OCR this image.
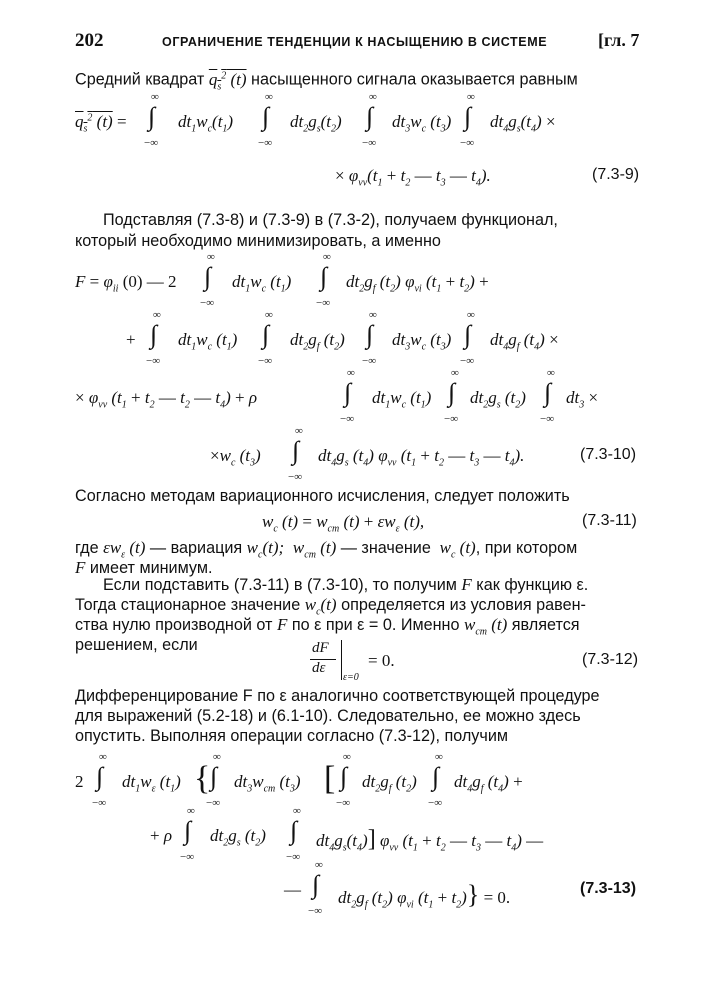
202	ОГРАНИЧЕНИЕ ТЕНДЕНЦИИ К НАСЫЩЕНИЮ В СИСТЕМЕ	[гл. 7
Средний квадрат $q_s^2$ (t) насыщенного сигнала оказывается равным
$q_s^2$ (t) = ∫
∞
−∞
$dt_1w_c(t_1)$ ∫
∞
−∞
$dt_2g_s(t_2)$ ∫
∞
−∞
$dt_3w_c$ $(t_3)$ ∫
∞
−∞
$dt_4g_s(t_4)$ ×
× $\varphi_{vv}(t_1 + t_2$ — $t_3$ — $t_4$).	(7.3-9)
Подставляя (7.3-8) и (7.3-9) в (7.3-2), получаем функционал,
который необходимо минимизировать, а именно
$F = \varphi_{ii}$ (0) — 2 ∫
∞
−∞
$dt_1w_c$ $(t_1)$ ∫
∞
−∞
$dt_2g_f$ $(t_2)$ $\varphi_{vi}$ $(t_1 + t_2)$ +
+ ∫
∞
−∞
$dt_1w_c$ $(t_1)$ ∫
∞
−∞
$dt_2g_f$ $(t_2)$ ∫
∞
−∞
$dt_3w_c$ $(t_3)$ ∫
∞
−∞
$dt_4g_f$ $(t_4)$ ×
× $\varphi_{vv}$ ($t_1 + t_2$ — $t_2$ — $t_4) + \rho$	∫
∞
−∞
$dt_1w_c$ $(t_1)$ ∫
∞
−∞
$dt_2g_s$ $(t_2)$ ∫
∞
−∞
$dt_3$ ×
$\times w_c$ $(t_3)$ ∫
∞
−∞
$dt_4g_s$ $(t_4)$ $\varphi_{vv}$ ($t_1 + t_2$ — $t_3$ — $t_4$).	(7.3-10)
Согласно методам вариационного исчисления, следует положить
$w_c$ $(t) = w_{cm}$ $(t) + \varepsilon w_\varepsilon$ (t),	(7.3-11)
где $\varepsilon w_\varepsilon$ (t) — вариация $w_c(t)$;  $w_{cm}$ (t) — значение  $w_c$ (t), при котором
F имеет минимум.
Если подставить (7.3-11) в (7.3-10), то получим F как функцию ε.
Тогда стационарное значение $w_c(t)$ определяется из условия равен-
ства нулю производной от F по ε при ε = 0. Именно $w_{cm}$ (t) является
решением, если	dF
dε
ε=0
= 0.	(7.3-12)
Дифференцирование F по ε аналогично соответствующей процедуре
для выражений (5.2-18) и (6.1-10). Следовательно, ее можно здесь
опустить. Выполняя операции согласно (7.3-12), получим
2 ∫
∞
−∞
$dt_1w_\varepsilon$ $(t_1)$ { ∫
∞
−∞
$dt_3w_{cm}$ $(t_3)$ [ ∫
∞
−∞
$dt_2g_f$ $(t_2)$ ∫
∞
−∞
$dt_4g_f$ $(t_4)$ +
+ ρ ∫
∞
−∞
$dt_2g_s$ $(t_2)$ ∫
∞
−∞
$dt_4g_s(t_4)$] $\varphi_{vv}$ ($t_1 + t_2$ — $t_3$ — $t_4$) —
— ∫
∞
−∞
$dt_2g_f$ $(t_2)$ $\varphi_{vi}$ $(t_1 + t_2)\} = 0$.	(7.3-13)
